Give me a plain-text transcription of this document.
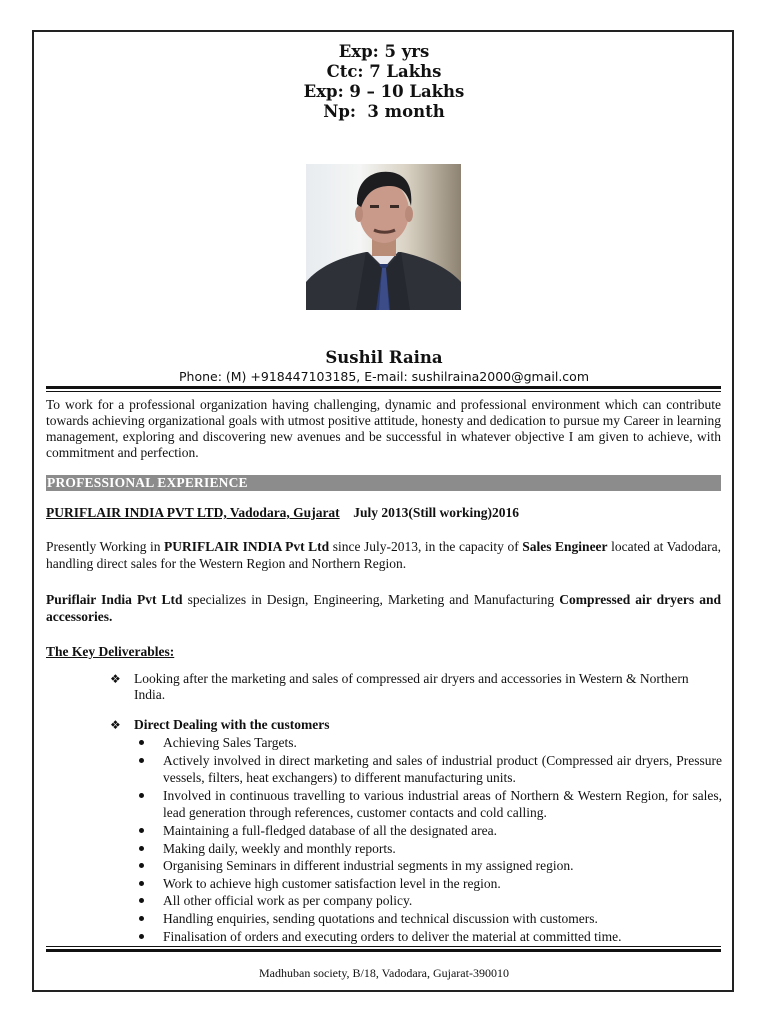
Exp: 5 yrs
Ctc: 7 Lakhs
Exp: 9 – 10 Lakhs
Np:  3 month
Sushil Raina
Phone: (M) +918447103185, E-mail: sushilraina2000@gmail.com
To work for a professional organization having challenging, dynamic and professional environment which can contribute towards achieving organizational goals with utmost positive attitude, honesty and dedication to pursue my Career in learning management, exploring and discovering new avenues and be successful in whatever objective I am given to achieve, with commitment and perfection.
PROFESSIONAL EXPERIENCE
PURIFLAIR INDIA PVT LTD, Vadodara, Gujarat July 2013(Still working)2016
Presently Working in PURIFLAIR INDIA Pvt Ltd since July-2013, in the capacity of Sales Engineer located at Vadodara, handling direct sales for the Western Region and Northern Region.
Puriflair India Pvt Ltd specializes in Design, Engineering, Marketing and Manufacturing Compressed air dryers and accessories.
The Key Deliverables:
❖ Looking after the marketing and sales of compressed air dryers and accessories in Western & Northern India.
❖ Direct Dealing with the customers
Achieving Sales Targets.
Actively involved in direct marketing and sales of industrial product (Compressed air dryers, Pressure vessels, filters, heat exchangers) to different manufacturing units.
Involved in continuous travelling to various industrial areas of Northern & Western Region, for sales, lead generation through references, customer contacts and cold calling.
Maintaining a full-fledged database of all the designated area.
Making daily, weekly and monthly reports.
Organising Seminars in different industrial segments in my assigned region.
Work to achieve high customer satisfaction level in the region.
All other official work as per company policy.
Handling enquiries, sending quotations and technical discussion with customers.
Finalisation of orders and executing orders to deliver the material at committed time.
Madhuban society, B/18, Vadodara, Gujarat-390010
